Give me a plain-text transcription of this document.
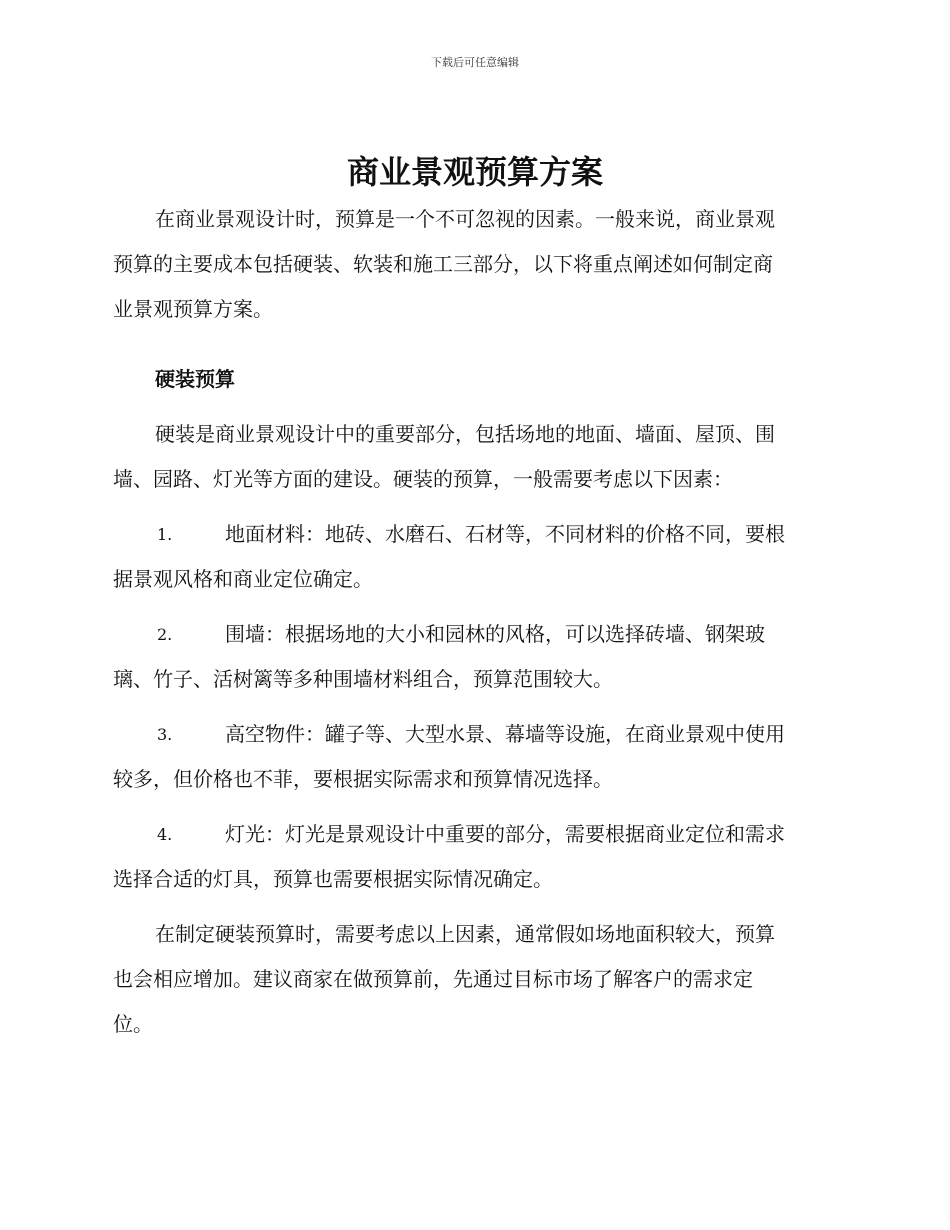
下载后可任意编辑
商业景观预算方案

在商业景观设计时，预算是一个不可忽视的因素。一般来说，商业景观
预算的主要成本包括硬装、软装和施工三部分，以下将重点阐述如何制定商
业景观预算方案。

硬装预算

硬装是商业景观设计中的重要部分，包括场地的地面、墙面、屋顶、围
墙、园路、灯光等方面的建设。硬装的预算，一般需要考虑以下因素：

1.	地面材料：地砖、水磨石、石材等，不同材料的价格不同，要根
据景观风格和商业定位确定。
2.	围墙：根据场地的大小和园林的风格，可以选择砖墙、钢架玻
璃、竹子、活树篱等多种围墙材料组合，预算范围较大。
3.	高空物件：罐子等、大型水景、幕墙等设施，在商业景观中使用
较多，但价格也不菲，要根据实际需求和预算情况选择。
4.	灯光：灯光是景观设计中重要的部分，需要根据商业定位和需求
选择合适的灯具，预算也需要根据实际情况确定。

在制定硬装预算时，需要考虑以上因素，通常假如场地面积较大，预算
也会相应增加。建议商家在做预算前，先通过目标市场了解客户的需求定
位。
